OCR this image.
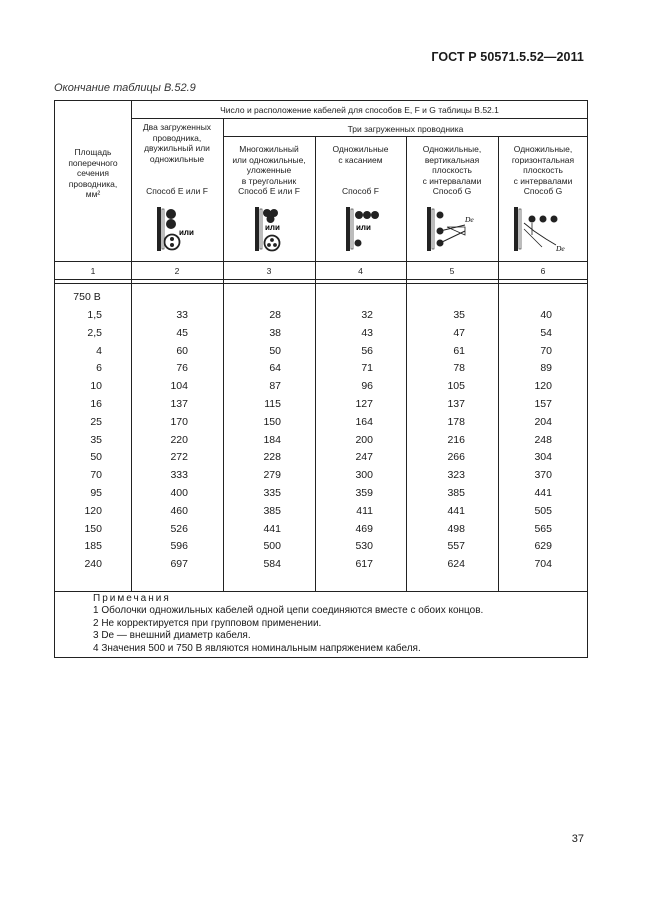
ГОСТ Р 50571.5.52—2011
Окончание таблицы В.52.9
Площадь
поперечного
сечения
проводника,
мм²
Число и расположение кабелей для способов Е, F и G таблицы В.52.1
Два загруженных
проводника,
двужильный или
одножильные
Способ Е или F
Три загруженных проводника
Многожильный
или одножильные,
уложенные
в треугольник
Способ Е или F
Одножильные
с касанием
Способ F
Одножильные,
вертикальная
плоскость
с интервалами
Способ G
Одножильные,
горизонтальная
плоскость
с интервалами
Способ G
или
или	или
De
De
1	2	3	4	5	6
750 В
1,5	33	28	32	35	40
2,5	45	38	43	47	54
4	60	50	56	61	70
6	76	64	71	78	89
10	104	87	96	105	120
16	137	115	127	137	157
25	170	150	164	178	204
35	220	184	200	216	248
50	272	228	247	266	304
70	333	279	300	323	370
95	400	335	359	385	441
120	460	385	411	441	505
150	526	441	469	498	565
185	596	500	530	557	629
240	697	584	617	624	704
Примечания
1 Оболочки одножильных кабелей одной цепи соединяются вместе с обоих концов.
2 Не корректируется при групповом применении.
3 Dе — внешний диаметр кабеля.
4 Значения 500 и 750 В являются номинальным напряжением кабеля.
37
